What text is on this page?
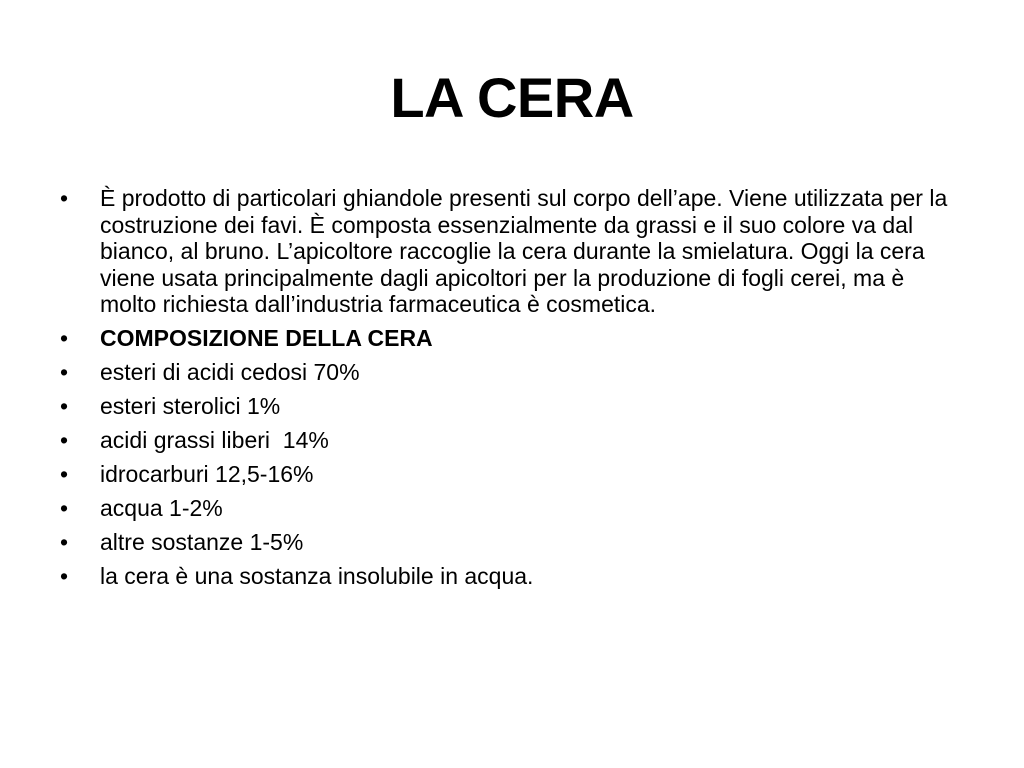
LA CERA
•	È prodotto di particolari ghiandole presenti sul corpo dell’ape. Viene utilizzata per la costruzione dei favi. È composta essenzialmente da grassi e il suo colore va dal bianco, al bruno. L’apicoltore raccoglie la cera durante la smielatura. Oggi la cera viene usata principalmente dagli apicoltori per la produzione di fogli cerei, ma è molto richiesta dall’industria farmaceutica è cosmetica.
•	COMPOSIZIONE DELLA CERA
•	esteri di acidi cedosi 70%
•	esteri sterolici 1%
•	acidi grassi liberi  14%
•	idrocarburi 12,5-16%
•	acqua 1-2%
•	altre sostanze 1-5%
•	la cera è una sostanza insolubile in acqua.
